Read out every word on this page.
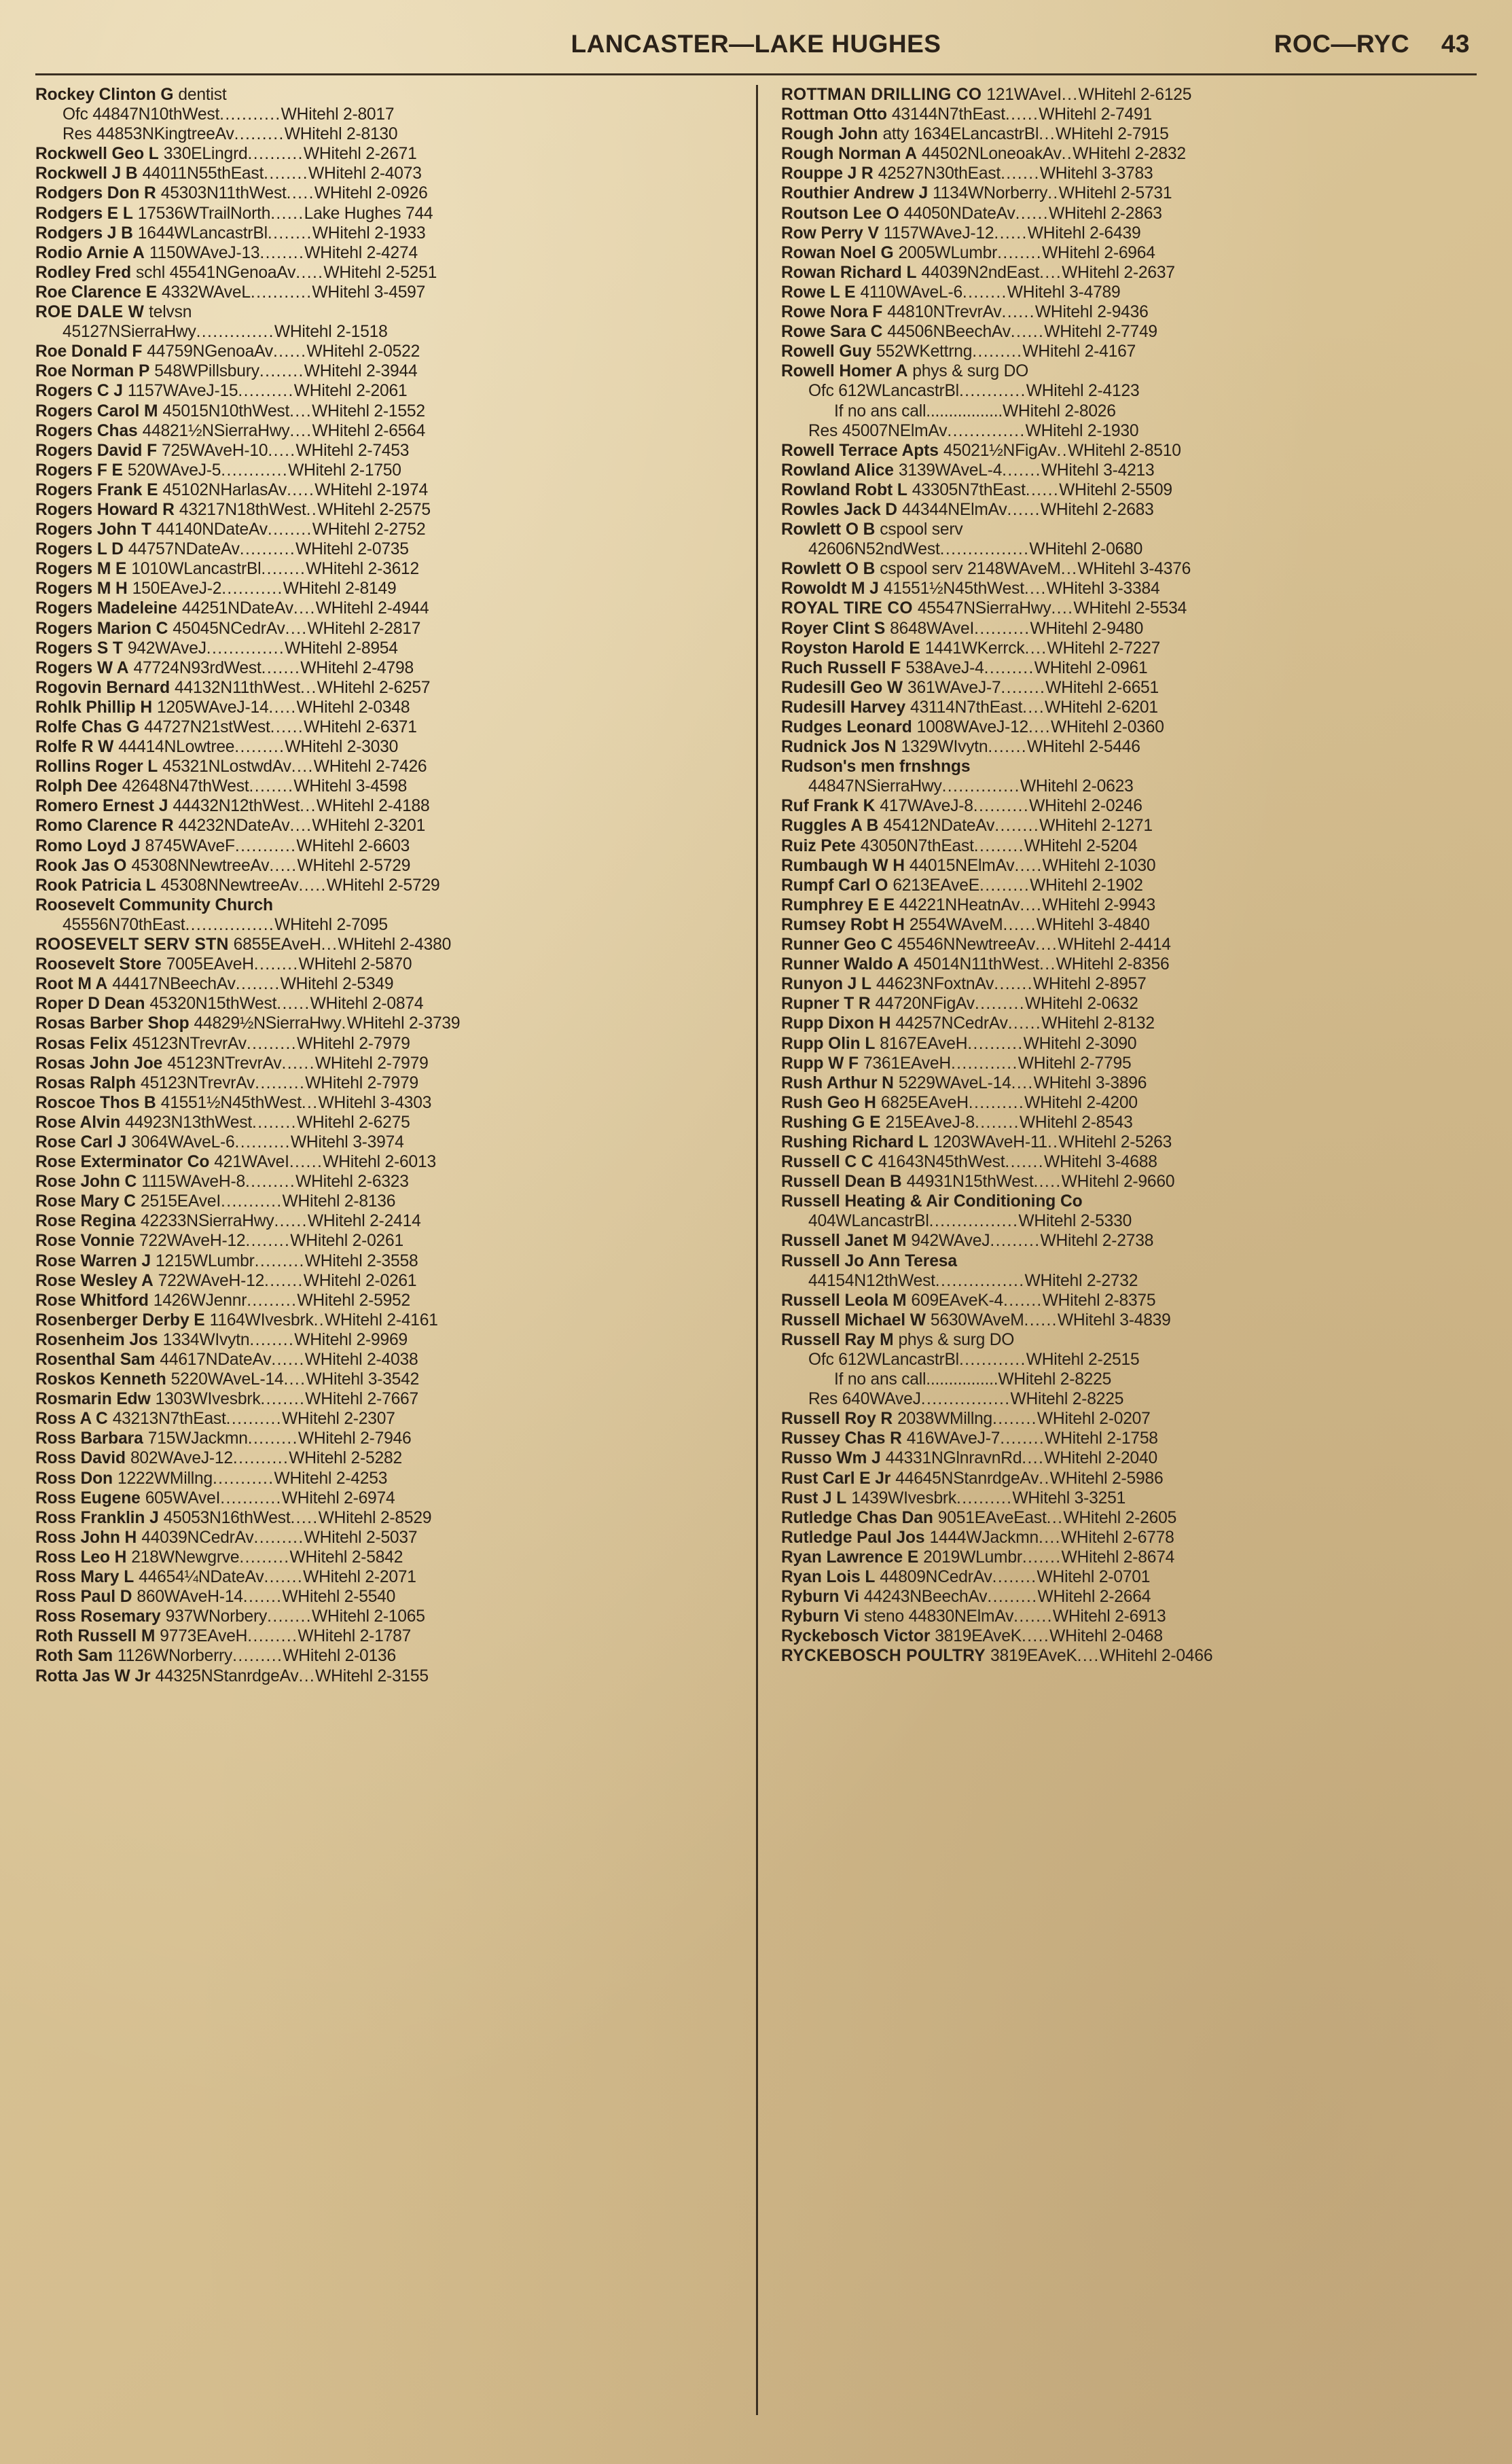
LANCASTER—LAKE HUGHES	ROC—RYC 43
Rockey Clinton G dentist
Ofc 44847N10thWest...........WHitehl 2-8017
Res 44853NKingtreeAv.........WHitehl 2-8130
Rockwell Geo L 330ELingrd..........WHitehl 2-2671
Rockwell J B 44011N55thEast........WHitehl 2-4073
Rodgers Don R 45303N11thWest.....WHitehl 2-0926
Rodgers E L 17536WTrailNorth......Lake Hughes 744
Rodgers J B 1644WLancastrBl........WHitehl 2-1933
Rodio Arnie A 1150WAveJ-13........WHitehl 2-4274
Rodley Fred schl 45541NGenoaAv.....WHitehl 2-5251
Roe Clarence E 4332WAveL...........WHitehl 3-4597
ROE DALE W telvsn
45127NSierraHwy..............WHitehl 2-1518
Roe Donald F 44759NGenoaAv......WHitehl 2-0522
Roe Norman P 548WPillsbury........WHitehl 2-3944
Rogers C J 1157WAveJ-15..........WHitehl 2-2061
Rogers Carol M 45015N10thWest....WHitehl 2-1552
Rogers Chas 44821½NSierraHwy....WHitehl 2-6564
Rogers David F 725WAveH-10.....WHitehl 2-7453
Rogers F E 520WAveJ-5............WHitehl 2-1750
Rogers Frank E 45102NHarlasAv.....WHitehl 2-1974
Rogers Howard R 43217N18thWest..WHitehl 2-2575
Rogers John T 44140NDateAv........WHitehl 2-2752
Rogers L D 44757NDateAv..........WHitehl 2-0735
Rogers M E 1010WLancastrBl........WHitehl 2-3612
Rogers M H 150EAveJ-2...........WHitehl 2-8149
Rogers Madeleine 44251NDateAv....WHitehl 2-4944
Rogers Marion C 45045NCedrAv....WHitehl 2-2817
Rogers S T 942WAveJ..............WHitehl 2-8954
Rogers W A 47724N93rdWest.......WHitehl 2-4798
Rogovin Bernard 44132N11thWest...WHitehl 2-6257
Rohlk Phillip H 1205WAveJ-14.....WHitehl 2-0348
Rolfe Chas G 44727N21stWest......WHitehl 2-6371
Rolfe R W 44414NLowtree.........WHitehl 2-3030
Rollins Roger L 45321NLostwdAv....WHitehl 2-7426
Rolph Dee 42648N47thWest........WHitehl 3-4598
Romero Ernest J 44432N12thWest...WHitehl 2-4188
Romo Clarence R 44232NDateAv....WHitehl 2-3201
Romo Loyd J 8745WAveF...........WHitehl 2-6603
Rook Jas O 45308NNewtreeAv.....WHitehl 2-5729
Rook Patricia L 45308NNewtreeAv.....WHitehl 2-5729
Roosevelt Community Church
45556N70thEast................WHitehl 2-7095
ROOSEVELT SERV STN 6855EAveH...WHitehl 2-4380
Roosevelt Store 7005EAveH........WHitehl 2-5870
Root M A 44417NBeechAv........WHitehl 2-5349
Roper D Dean 45320N15thWest......WHitehl 2-0874
Rosas Barber Shop 44829½NSierraHwy.WHitehl 2-3739
Rosas Felix 45123NTrevrAv.........WHitehl 2-7979
Rosas John Joe 45123NTrevrAv......WHitehl 2-7979
Rosas Ralph 45123NTrevrAv.........WHitehl 2-7979
Roscoe Thos B 41551½N45thWest...WHitehl 3-4303
Rose Alvin 44923N13thWest........WHitehl 2-6275
Rose Carl J 3064WAveL-6..........WHitehl 3-3974
Rose Exterminator Co 421WAveI......WHitehl 2-6013
Rose John C 1115WAveH-8.........WHitehl 2-6323
Rose Mary C 2515EAveI...........WHitehl 2-8136
Rose Regina 42233NSierraHwy......WHitehl 2-2414
Rose Vonnie 722WAveH-12........WHitehl 2-0261
Rose Warren J 1215WLumbr.........WHitehl 2-3558
Rose Wesley A 722WAveH-12.......WHitehl 2-0261
Rose Whitford 1426WJennr.........WHitehl 2-5952
Rosenberger Derby E 1164WIvesbrk..WHitehl 2-4161
Rosenheim Jos 1334WIvytn........WHitehl 2-9969
Rosenthal Sam 44617NDateAv......WHitehl 2-4038
Roskos Kenneth 5220WAveL-14....WHitehl 3-3542
Rosmarin Edw 1303WIvesbrk........WHitehl 2-7667
Ross A C 43213N7thEast..........WHitehl 2-2307
Ross Barbara 715WJackmn.........WHitehl 2-7946
Ross David 802WAveJ-12..........WHitehl 2-5282
Ross Don 1222WMillng...........WHitehl 2-4253
Ross Eugene 605WAveI...........WHitehl 2-6974
Ross Franklin J 45053N16thWest.....WHitehl 2-8529
Ross John H 44039NCedrAv.........WHitehl 2-5037
Ross Leo H 218WNewgrve.........WHitehl 2-5842
Ross Mary L 44654¼NDateAv.......WHitehl 2-2071
Ross Paul D 860WAveH-14.......WHitehl 2-5540
Ross Rosemary 937WNorbery........WHitehl 2-1065
Roth Russell M 9773EAveH.........WHitehl 2-1787
Roth Sam 1126WNorberry.........WHitehl 2-0136
Rotta Jas W Jr 44325NStanrdgeAv...WHitehl 2-3155
ROTTMAN DRILLING CO 121WAveI...WHitehl 2-6125
Rottman Otto 43144N7thEast......WHitehl 2-7491
Rough John atty 1634ELancastrBl...WHitehl 2-7915
Rough Norman A 44502NLoneoakAv..WHitehl 2-2832
Rouppe J R 42527N30thEast.......WHitehl 3-3783
Routhier Andrew J 1134WNorberry..WHitehl 2-5731
Routson Lee O 44050NDateAv......WHitehl 2-2863
Row Perry V 1157WAveJ-12......WHitehl 2-6439
Rowan Noel G 2005WLumbr........WHitehl 2-6964
Rowan Richard L 44039N2ndEast....WHitehl 2-2637
Rowe L E 4110WAveL-6........WHitehl 3-4789
Rowe Nora F 44810NTrevrAv......WHitehl 2-9436
Rowe Sara C 44506NBeechAv......WHitehl 2-7749
Rowell Guy 552WKettrng.........WHitehl 2-4167
Rowell Homer A phys & surg DO
Ofc 612WLancastrBl............WHitehl 2-4123
If no ans call.................WHitehl 2-8026
Res 45007NElmAv..............WHitehl 2-1930
Rowell Terrace Apts 45021½NFigAv..WHitehl 2-8510
Rowland Alice 3139WAveL-4.......WHitehl 3-4213
Rowland Robt L 43305N7thEast......WHitehl 2-5509
Rowles Jack D 44344NElmAv......WHitehl 2-2683
Rowlett O B cspool serv
42606N52ndWest................WHitehl 2-0680
Rowlett O B cspool serv 2148WAveM...WHitehl 3-4376
Rowoldt M J 41551½N45thWest....WHitehl 3-3384
ROYAL TIRE CO 45547NSierraHwy....WHitehl 2-5534
Royer Clint S 8648WAveI..........WHitehl 2-9480
Royston Harold E 1441WKerrck....WHitehl 2-7227
Ruch Russell F 538AveJ-4.........WHitehl 2-0961
Rudesill Geo W 361WAveJ-7........WHitehl 2-6651
Rudesill Harvey 43114N7thEast....WHitehl 2-6201
Rudges Leonard 1008WAveJ-12....WHitehl 2-0360
Rudnick Jos N 1329WIvytn.......WHitehl 2-5446
Rudson's men frnshngs
44847NSierraHwy..............WHitehl 2-0623
Ruf Frank K 417WAveJ-8..........WHitehl 2-0246
Ruggles A B 45412NDateAv........WHitehl 2-1271
Ruiz Pete 43050N7thEast.........WHitehl 2-5204
Rumbaugh W H 44015NElmAv.....WHitehl 2-1030
Rumpf Carl O 6213EAveE.........WHitehl 2-1902
Rumphrey E E 44221NHeatnAv....WHitehl 2-9943
Rumsey Robt H 2554WAveM......WHitehl 3-4840
Runner Geo C 45546NNewtreeAv....WHitehl 2-4414
Runner Waldo A 45014N11thWest...WHitehl 2-8356
Runyon J L 44623NFoxtnAv.......WHitehl 2-8957
Rupner T R 44720NFigAv.........WHitehl 2-0632
Rupp Dixon H 44257NCedrAv......WHitehl 2-8132
Rupp Olin L 8167EAveH..........WHitehl 2-3090
Rupp W F 7361EAveH............WHitehl 2-7795
Rush Arthur N 5229WAveL-14....WHitehl 3-3896
Rush Geo H 6825EAveH..........WHitehl 2-4200
Rushing G E 215EAveJ-8........WHitehl 2-8543
Rushing Richard L 1203WAveH-11..WHitehl 2-5263
Russell C C 41643N45thWest.......WHitehl 3-4688
Russell Dean B 44931N15thWest.....WHitehl 2-9660
Russell Heating & Air Conditioning Co
404WLancastrBl................WHitehl 2-5330
Russell Janet M 942WAveJ.........WHitehl 2-2738
Russell Jo Ann Teresa
44154N12thWest................WHitehl 2-2732
Russell Leola M 609EAveK-4.......WHitehl 2-8375
Russell Michael W 5630WAveM......WHitehl 3-4839
Russell Ray M phys & surg DO
Ofc 612WLancastrBl............WHitehl 2-2515
If no ans call................WHitehl 2-8225
Res 640WAveJ................WHitehl 2-8225
Russell Roy R 2038WMillng........WHitehl 2-0207
Russey Chas R 416WAveJ-7........WHitehl 2-1758
Russo Wm J 44331NGlnravnRd....WHitehl 2-2040
Rust Carl E Jr 44645NStanrdgeAv..WHitehl 2-5986
Rust J L 1439WIvesbrk..........WHitehl 3-3251
Rutledge Chas Dan 9051EAveEast...WHitehl 2-2605
Rutledge Paul Jos 1444WJackmn....WHitehl 2-6778
Ryan Lawrence E 2019WLumbr.......WHitehl 2-8674
Ryan Lois L 44809NCedrAv........WHitehl 2-0701
Ryburn Vi 44243NBeechAv.........WHitehl 2-2664
Ryburn Vi steno 44830NElmAv.......WHitehl 2-6913
Ryckebosch Victor 3819EAveK.....WHitehl 2-0468
RYCKEBOSCH POULTRY 3819EAveK....WHitehl 2-0466
